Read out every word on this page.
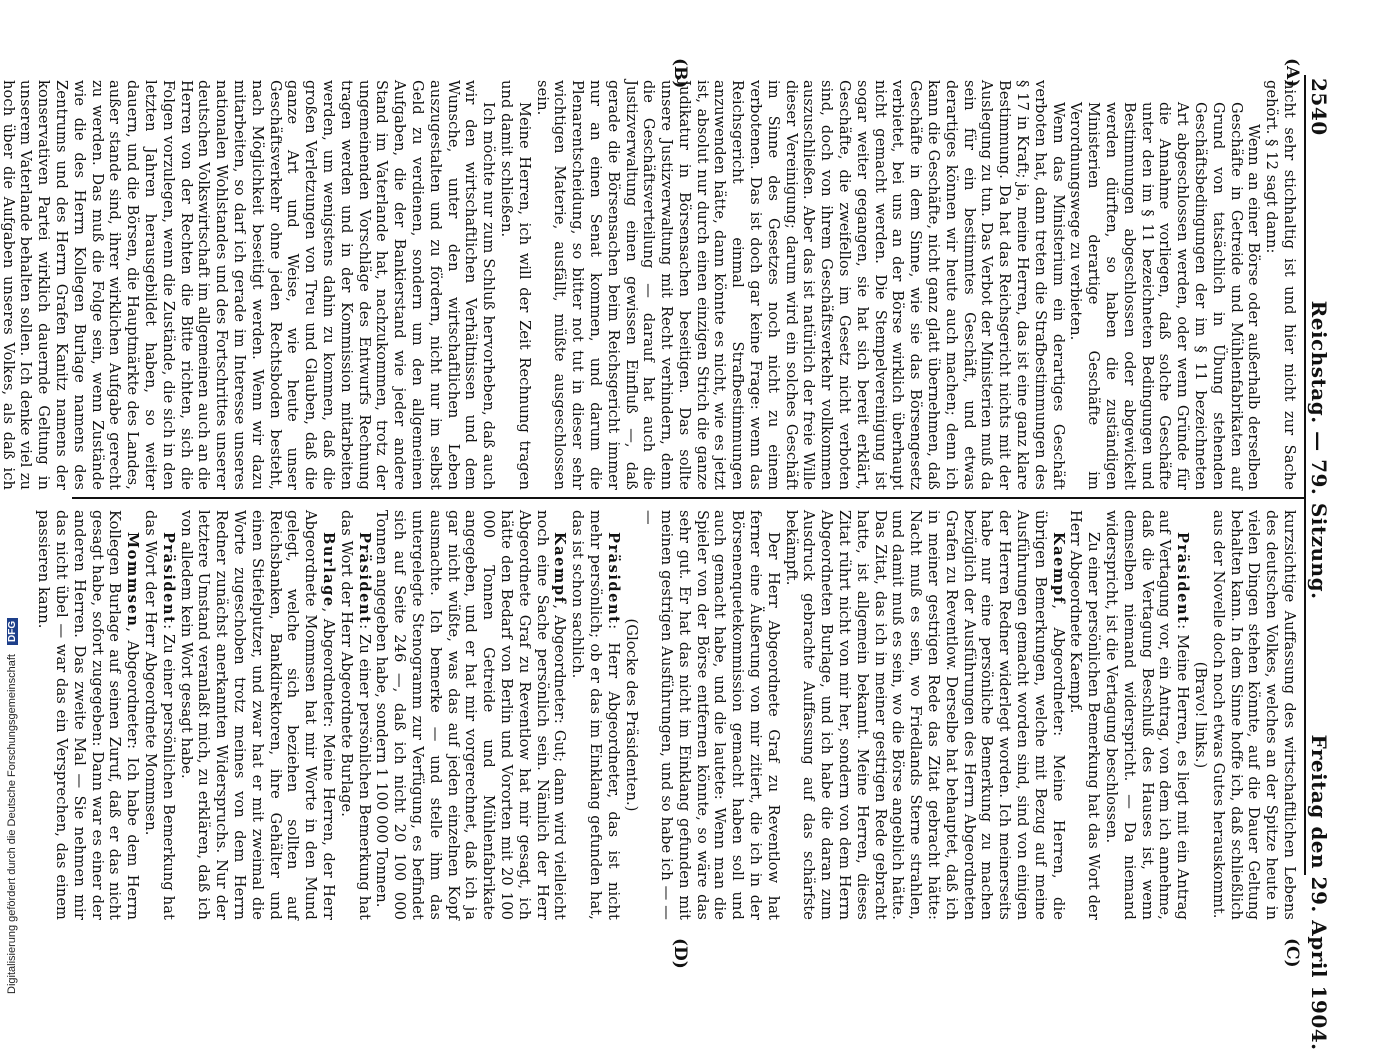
2540  Reichstag. — 79. Sitzung.  Freitag den 29. April 1904.
(A)
(B)
(C)
(D)

nicht sehr stichhaltig ist und hier nicht zur Sache gehört. § 12 sagt dann:

Wenn an einer Börse oder außerhalb derselben Geschäfte in Getreide und Mühlenfabrikaten auf Grund von tatsächlich in Übung stehenden Geschäftsbedingungen der im § 11 bezeichneten Art abgeschlossen werden, oder wenn Gründe für die Annahme vorliegen, daß solche Geschäfte unter den im § 11 bezeichneten Bedingungen und Bestimmungen abgeschlossen oder abgewickelt werden dürften, so haben die zuständigen Ministerien derartige Geschäfte im Verordnungswege zu verbieten.

Wenn das Ministerium ein derartiges Geschäft verboten hat, dann treten die Strafbestimmungen des § 17 in Kraft; ja, meine Herren, das ist eine ganz klare Bestimmung. Da hat das Reichsgericht nichts mit der Auslegung zu tun. Das Verbot der Ministerien muß da sein für ein bestimmtes Geschäft, und etwas derartiges können wir heute auch machen; denn ich kann die Geschäfte, nicht ganz glatt übernehmen, daß Geschäfte in dem Sinne, wie sie das Börsengesetz verbietet, bei uns an der Börse wirklich überhaupt nicht gemacht werden. Die Stempelvereinigung ist sogar weiter gegangen, sie hat sich bereit erklärt, Geschäfte, die zweifellos im Gesetz nicht verboten sind, doch von ihrem Geschäftsverkehr vollkommen auszuschließen. Aber das ist natürlich der freie Wille dieser Vereinigung; darum wird ein solches Geschäft im Sinne des Gesetzes noch nicht zu einem verbotenen. Das ist doch gar keine Frage: wenn das Reichsgericht einmal Strafbestimmungen anzuwenden hätte, dann könnte es nicht, wie es jetzt ist, absolut nur durch einen einzigen Strich die ganze Judikatur in Börsensachen beseitigen. Das sollte unsere Justizverwaltung mit Recht verhindern, denn die Geschäftsverteilung — darauf hat auch die Justizverwaltung einen gewissen Einfluß —, daß gerade die Börsensachen beim Reichsgericht immer nur an einen Senat kommen, und darum die Plenarentscheidung, so bitter not tut in dieser sehr wichtigen Materie, ausfällt, müßte ausgeschlossen sein.

Meine Herren, ich will der Zeit Rechnung tragen und damit schließen.

Ich möchte nur zum Schluß hervorheben, daß auch wir den wirtschaftlichen Verhältnissen und dem Wunsche, unter den wirtschaftlichen Leben auszugestalten und zu fördern, nicht nur im selbst Geld zu verdienen, sondern um den allgemeinen Aufgaben, die der Bankierstand wie jeder andere Stand im Vaterlande hat, nachzukommen, trotz der ungemeinenden Vorschläge des Entwurfs Rechnung tragen werden und in der Kommission mitarbeiten werden, um wenigstens dahin zu kommen, daß die großen Verletzungen von Treu und Glauben, daß die ganze Art und Weise, wie heute unser Geschäftsverkehr ohne jeden Rechtsboden besteht, nach Möglichkeit beseitigt werden. Wenn wir dazu mitarbeiten, so darf ich gerade im Interesse unseres nationalen Wohlstandes und des Fortschrittes unserer deutschen Volkswirtschaft im allgemeinen auch an die Herren von der Rechten die Bitte richten, sich die Folgen vorzulegen, wenn die Zustände, die sich in den letzten Jahren herausgebildet haben, so weiter dauern, und die Börsen, die Hauptmärkte des Landes, außer stande sind, ihrer wirklichen Aufgabe gerecht zu werden. Das muß die Folge sein, wenn Zustände wie die des Herrn Kollegen Burlage namens des Zentrums und des Herrn Grafen Kanitz namens der konservativen Partei wirklich dauernde Geltung in unserem Vaterlande behalten sollen. Ich denke viel zu hoch über die Aufgaben unseres Volkes, als daß ich

kurzsichtige Auffassung des wirtschaftlichen Lebens des deutschen Volkes, welches an der Spitze heute in vielen Dingen stehen könnte, auf die Dauer Geltung behalten kann. In dem Sinne hoffe ich, daß schließlich aus der Novelle doch noch etwas Gutes herauskommt.

(Bravo! links.)

Präsident: Meine Herren, es liegt mit ein Antrag auf Vertagung vor, ein Antrag, von dem ich annehme, daß die Vertagung Beschluß des Hauses ist, wenn demselben niemand widerspricht. — Da niemand widerspricht, ist die Vertagung beschlossen.

Zu einer persönlichen Bemerkung hat das Wort der Herr Abgeordnete Kaempf.

Kaempf, Abgeordneter: Meine Herren, die übrigen Bemerkungen, welche mit Bezug auf meine Ausführungen gemacht worden sind, sind von einigen der Herren Redner widerlegt worden. Ich meinerseits habe nur eine persönliche Bemerkung zu machen bezüglich der Ausführungen des Herrn Abgeordneten Grafen zu Reventlow. Derselbe hat behauptet, daß ich in meiner gestrigen Rede das Zitat gebracht hätte: Nacht muß es sein, wo Friedlands Sterne strahlen, und damit muß es sein, wo die Börse angeblich hätte. Das Zitat, das ich in meiner gestrigen Rede gebracht hatte, ist allgemein bekannt. Meine Herren, dieses Zitat rührt nicht von mir her, sondern von dem Herrn Abgeordneten Burlage, und ich habe die daran zum Ausdruck gebrachte Auffassung auf das schärfste bekämpft.

Der Herr Abgeordnete Graf zu Reventlow hat ferner eine Äußerung von mir zitiert, die ich in der Börsenenquetekommission gemacht haben soll und auch gemacht habe, und die lautete: Wenn man die Spieler von der Börse entfernen könnte, so wäre das sehr gut. Er hat das nicht im Einklang gefunden mit meinen gestrigen Ausführungen, und so habe ich — — —

(Glocke des Präsidenten.)

Präsident: Herr Abgeordneter, das ist nicht mehr persönlich; ob er das im Einklang gefunden hat, das ist schon sachlich.

Kaempf, Abgeordneter: Gut; dann wird vielleicht noch eine Sache persönlich sein. Nämlich der Herr Abgeordnete Graf zu Reventlow hat mir gesagt, ich hätte den Bedarf von Berlin und Vororten mit 20 100 000 Tonnen Getreide und Mühlenfabrikate angegeben, und er hat mir vorgerechnet, daß ich ja gar nicht wüßte, was das auf jeden einzelnen Kopf ausmachte. Ich bemerke — und stelle ihm das untergelegte Stenogramm zur Verfügung, es befindet sich auf Seite 246 —, daß ich nicht 20 100 000 Tonnen angegeben habe, sondern 1 100 000 Tonnen.

Präsident: Zu einer persönlichen Bemerkung hat das Wort der Herr Abgeordnete Burlage.

Burlage, Abgeordneter: Meine Herren, der Herr Abgeordnete Mommsen hat mir Worte in den Mund gelegt, welche sich beziehen sollten auf Reichsbanken, Bankdirektoren, ihre Gehälter und einen Stiefelputzer, und zwar hat er mit zweimal die Worte zugeschoben trotz meines von dem Herrn Redner zunächst anerkannten Widerspruchs. Nur der letztere Umstand veranlaßt mich, zu erklären, daß ich von alledem kein Wort gesagt habe.

Präsident: Zu einer persönlichen Bemerkung hat das Wort der Herr Abgeordnete Mommsen.

Mommsen, Abgeordneter: Ich habe dem Herrn Kollegen Burlage auf seinen Zuruf, daß er das nicht gesagt habe, sofort zugegeben: Dann war es einer der anderen Herren. Das zweite Mal — Sie nehmen mir das nicht übel — war das ein Versprechen, das einem passieren kann.

Digitalisierung gefördert durch die Deutsche Forschungsgemeinschaft DFG
